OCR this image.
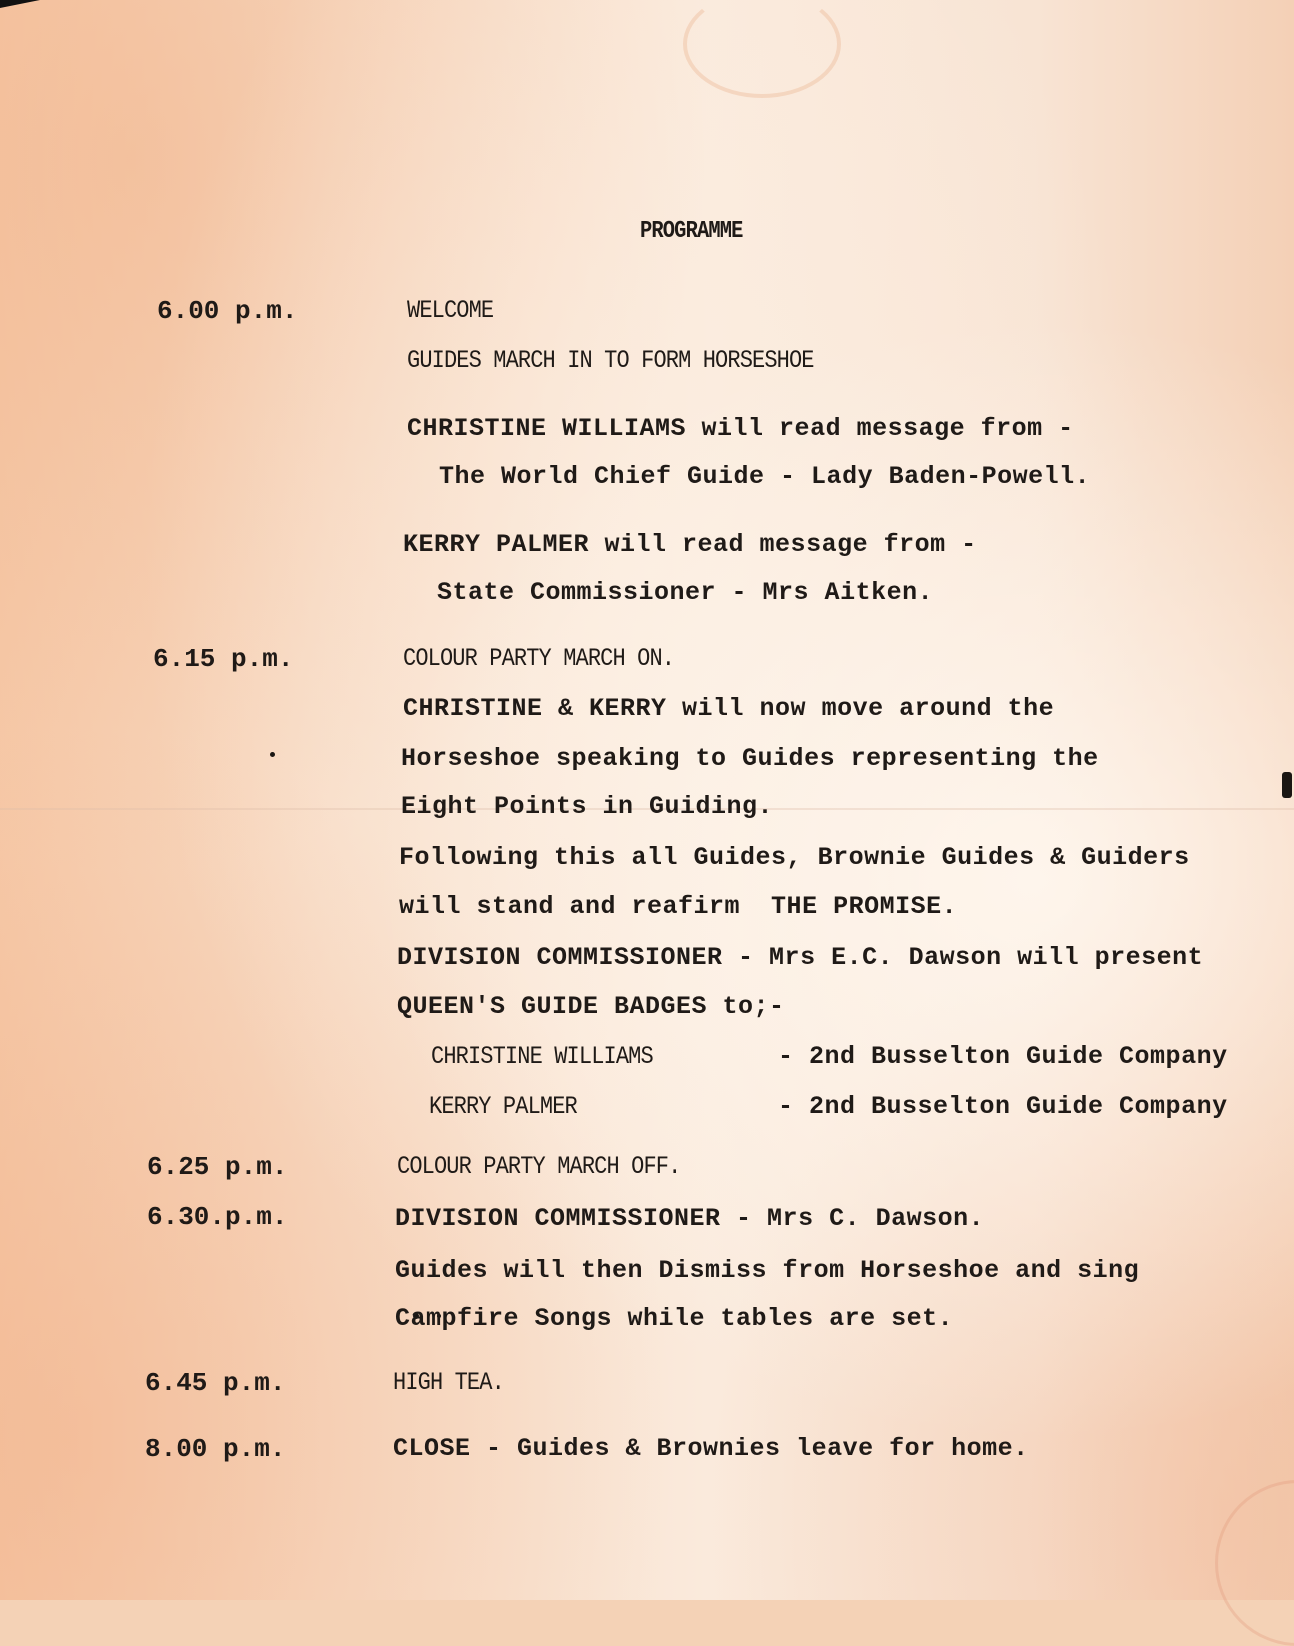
PROGRAMME
6.00 p.m.	WELCOME
GUIDES MARCH IN TO FORM HORSESHOE
CHRISTINE WILLIAMS will read message from -
The World Chief Guide - Lady Baden-Powell.
KERRY PALMER will read message from -
State Commissioner - Mrs Aitken.
6.15 p.m.	COLOUR PARTY MARCH ON.
CHRISTINE & KERRY will now move around the
Horseshoe speaking to Guides representing the
Eight Points in Guiding.
Following this all Guides, Brownie Guides & Guiders
will stand and reafirm  THE PROMISE.
DIVISION COMMISSIONER - Mrs E.C. Dawson will present
QUEEN'S GUIDE BADGES to;-
CHRISTINE WILLIAMS	- 2nd Busselton Guide Company
KERRY PALMER	- 2nd Busselton Guide Company
6.25 p.m.	COLOUR PARTY MARCH OFF.
6.30.p.m.	DIVISION COMMISSIONER - Mrs C. Dawson.
Guides will then Dismiss from Horseshoe and sing
Campfire Songs while tables are set.
6.45 p.m.	HIGH TEA.
8.00 p.m.	CLOSE - Guides & Brownies leave for home.
